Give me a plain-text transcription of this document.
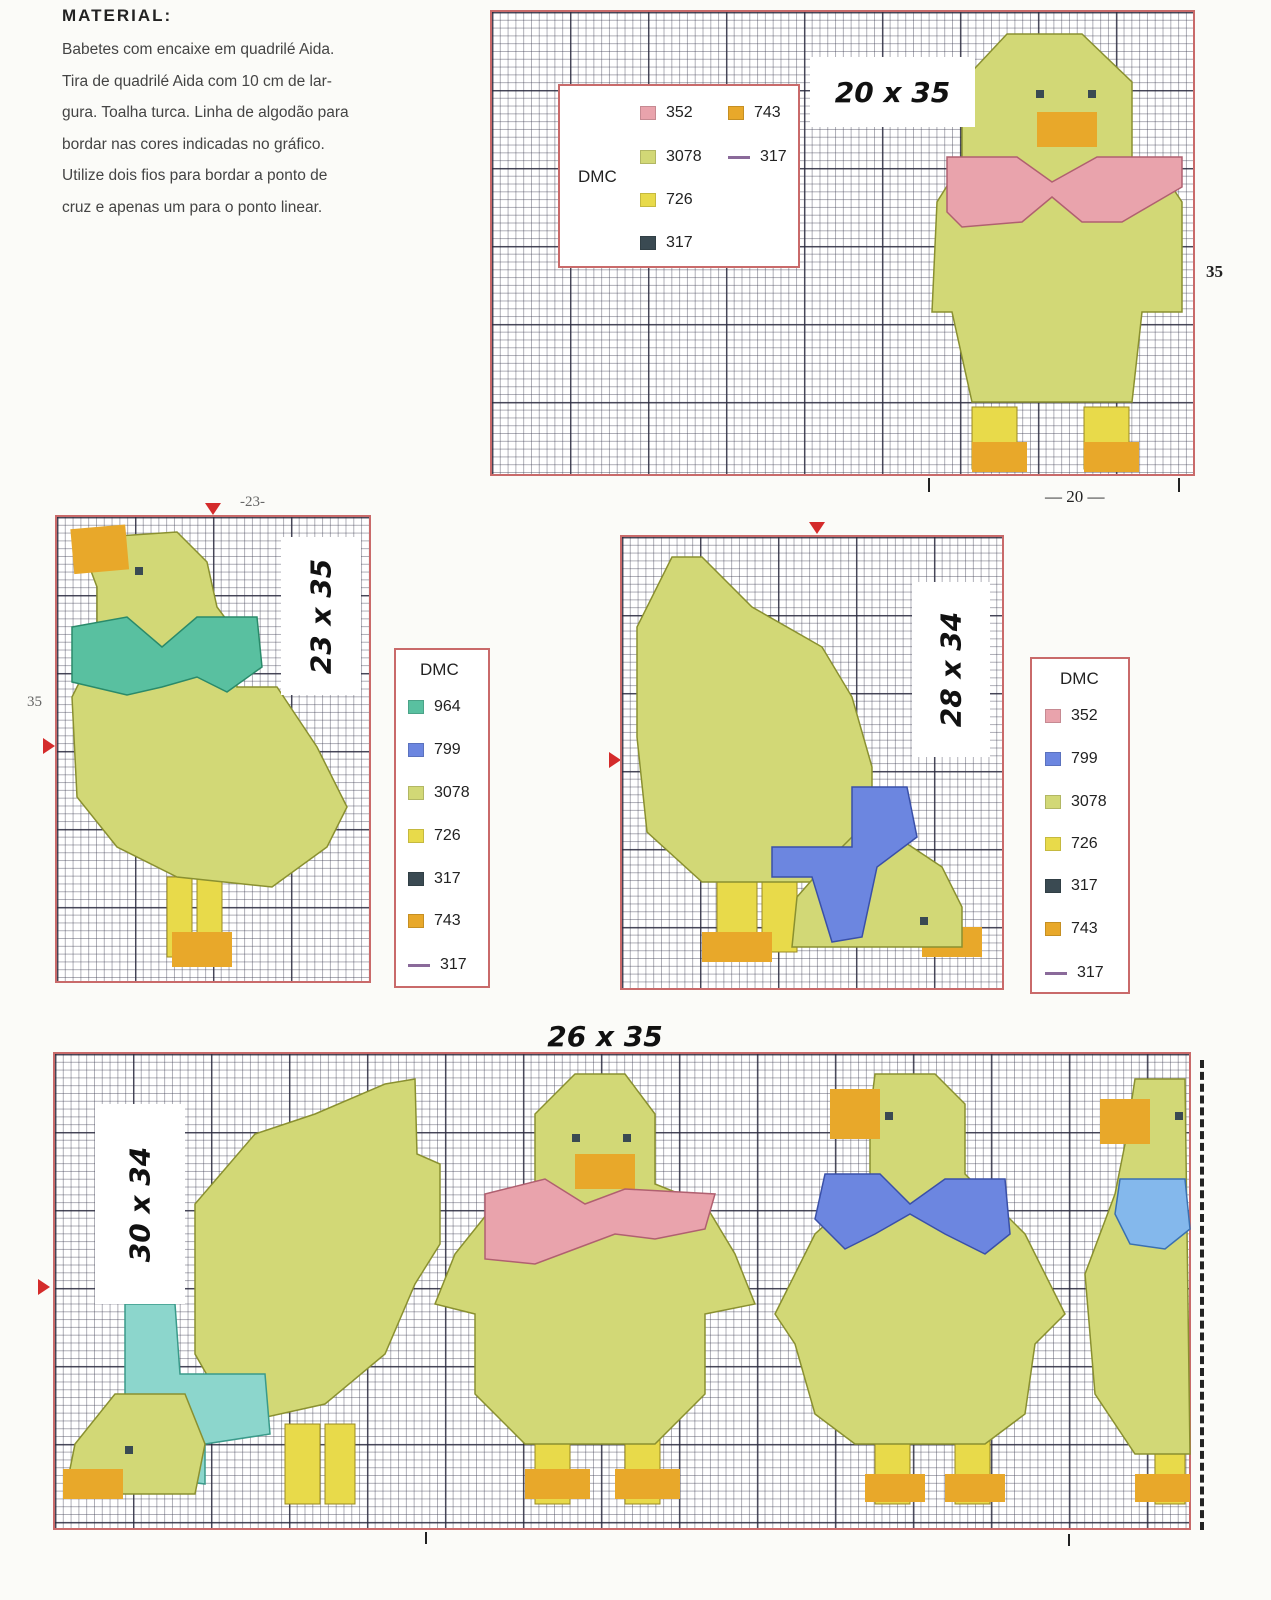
MATERIAL:
Babetes com encaixe em quadrilé Aida.
Tira de quadrilé Aida com 10 cm de lar-
gura. Toalha turca. Linha de algodão para
bordar nas cores indicadas no gráfico.
Utilize dois fios para bordar a ponto de
cruz e apenas um para o ponto linear.
20 x 35
DMC
352	743
3078	317
726
317
— 20 —
35
-23-
35
23 x 35	DMC
964
799
3078
726
317
743
317
28 x 34	DMC
352
799
3078
726
317
743
317
26 x 35
30 x 34
